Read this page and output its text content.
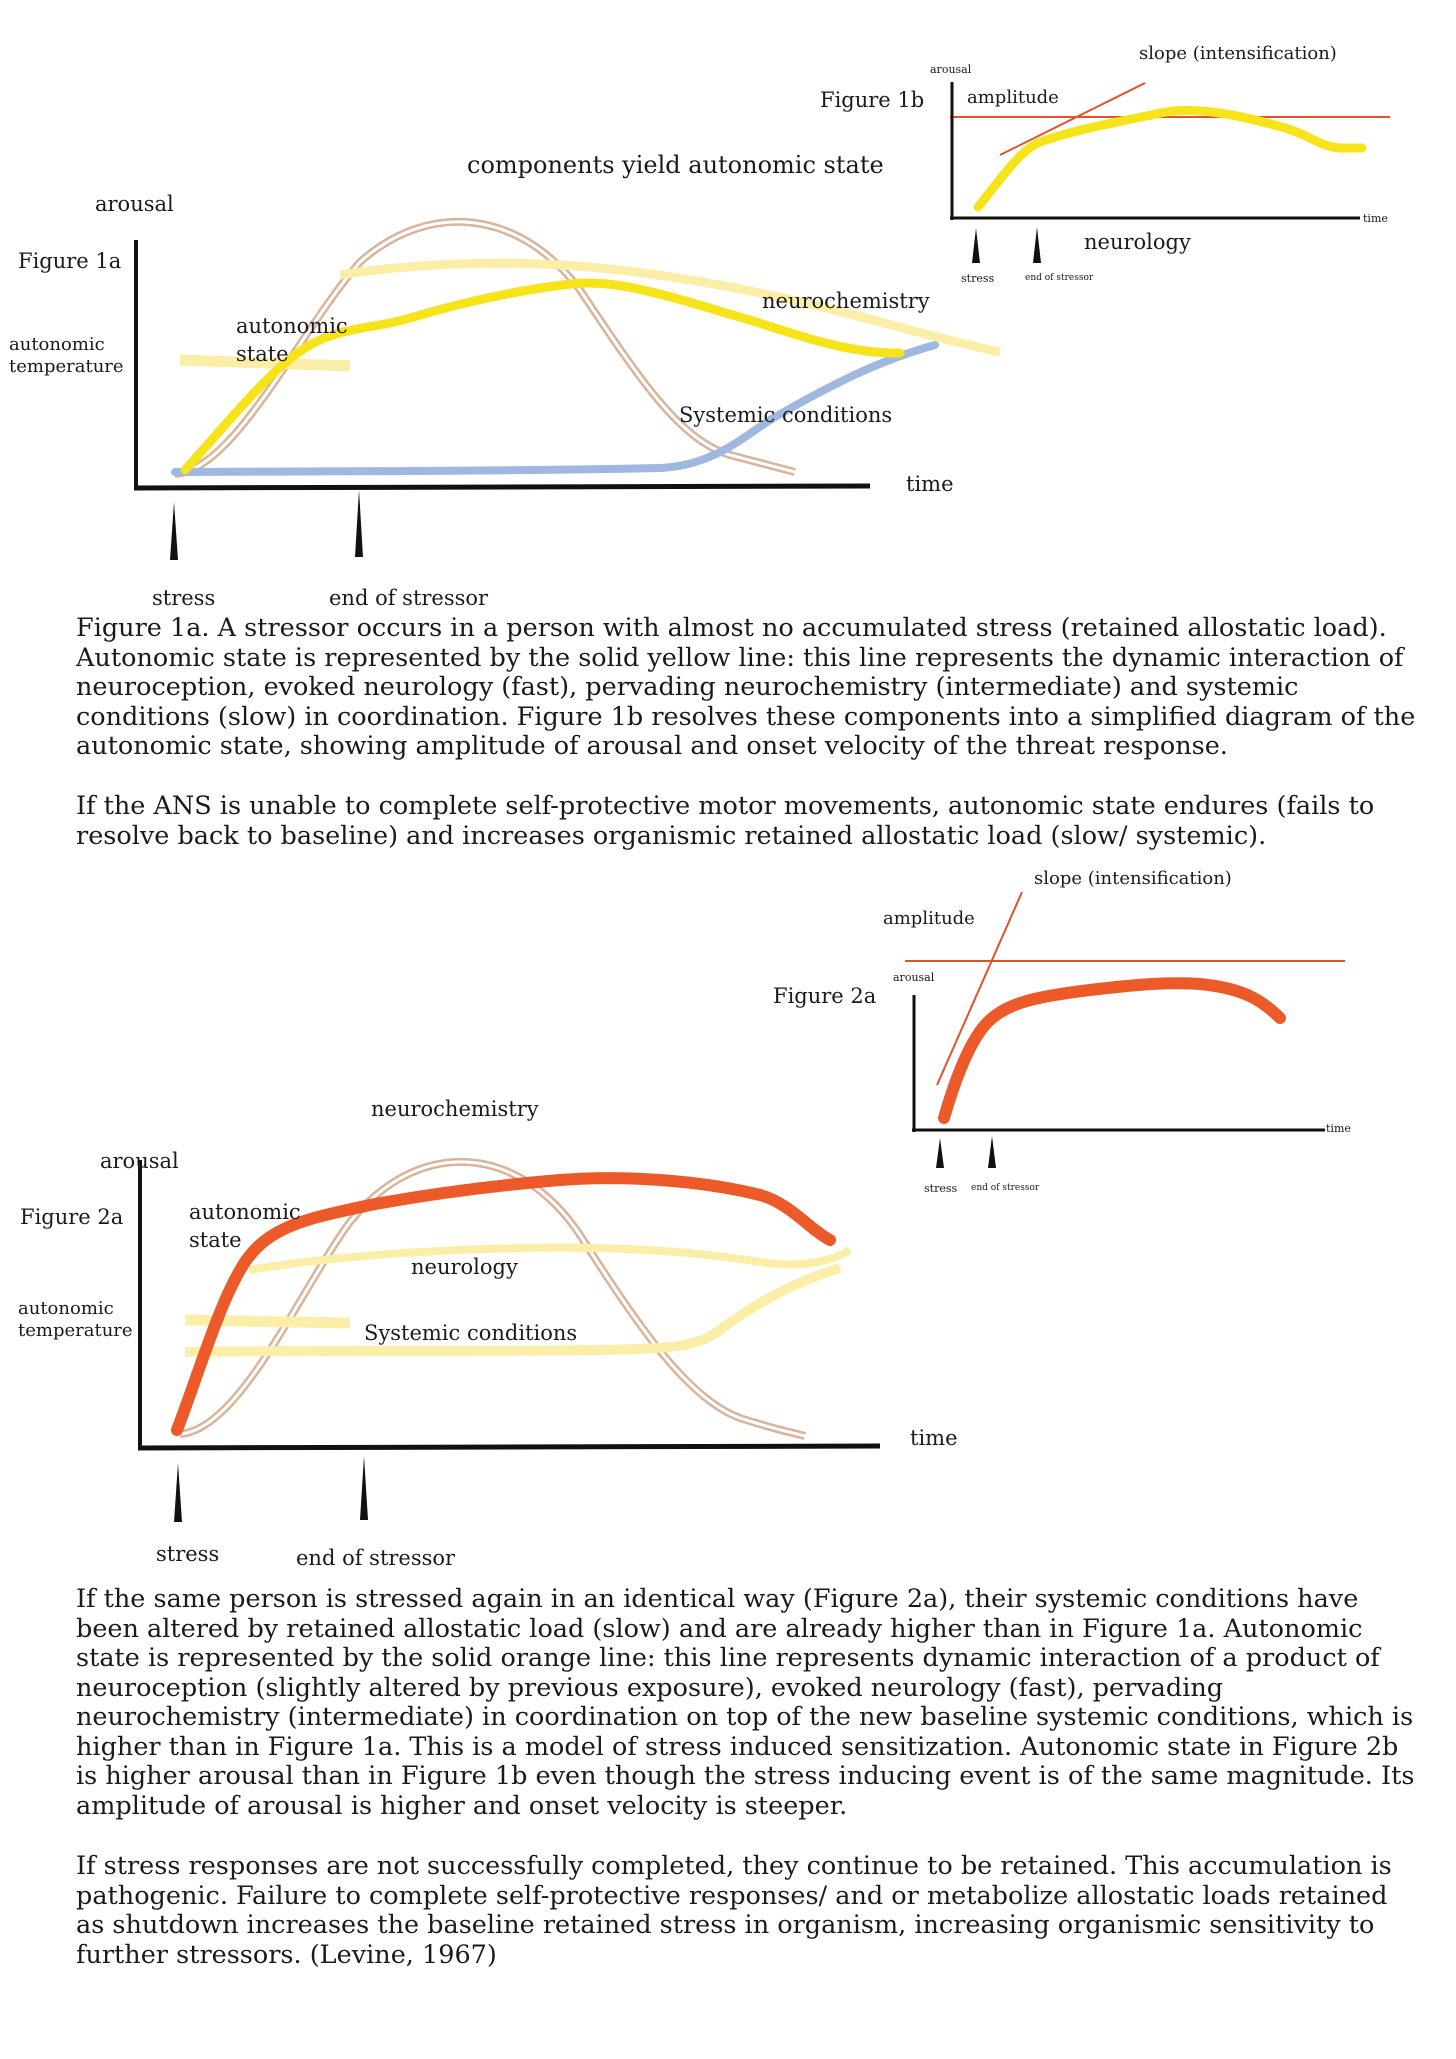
components yield autonomic state
arousal
Figure 1a
autonomic
temperature
autonomic
state
neurochemistry
Systemic conditions
time
stress	end of stressor
Figure 1b
arousal
amplitude
slope (intensification)
time
neurology
stress	end of stressor

Figure 1a. A stressor occurs in a person with almost no accumulated stress (retained allostatic load). Autonomic state is represented by the solid yellow line: this line represents the dynamic interaction of neuroception, evoked neurology (fast), pervading neurochemistry (intermediate) and systemic conditions (slow) in coordination. Figure 1b resolves these components into a simplified diagram of the autonomic state, showing amplitude of arousal and onset velocity of the threat response.

If the ANS is unable to complete self-protective motor movements, autonomic state endures (fails to resolve back to baseline) and increases organismic retained allostatic load (slow/ systemic).

slope (intensification)
amplitude
arousal
Figure 2a
time
stress end of stressor
neurochemistry
arousal
Figure 2a	autonomic
state
neurology
autonomic
temperature	Systemic conditions
time
stress	end of stressor

If the same person is stressed again in an identical way (Figure 2a), their systemic conditions have been altered by retained allostatic load (slow) and are already higher than in Figure 1a. Autonomic state is represented by the solid orange line: this line represents dynamic interaction of a product of neuroception (slightly altered by previous exposure), evoked neurology (fast), pervading neurochemistry (intermediate) in coordination on top of the new baseline systemic conditions, which is higher than in Figure 1a. This is a model of stress induced sensitization. Autonomic state in Figure 2b is higher arousal than in Figure 1b even though the stress inducing event is of the same magnitude. Its amplitude of arousal is higher and onset velocity is steeper.

If stress responses are not successfully completed, they continue to be retained. This accumulation is pathogenic. Failure to complete self-protective responses/ and or metabolize allostatic loads retained as shutdown increases the baseline retained stress in organism, increasing organismic sensitivity to further stressors. (Levine, 1967)
